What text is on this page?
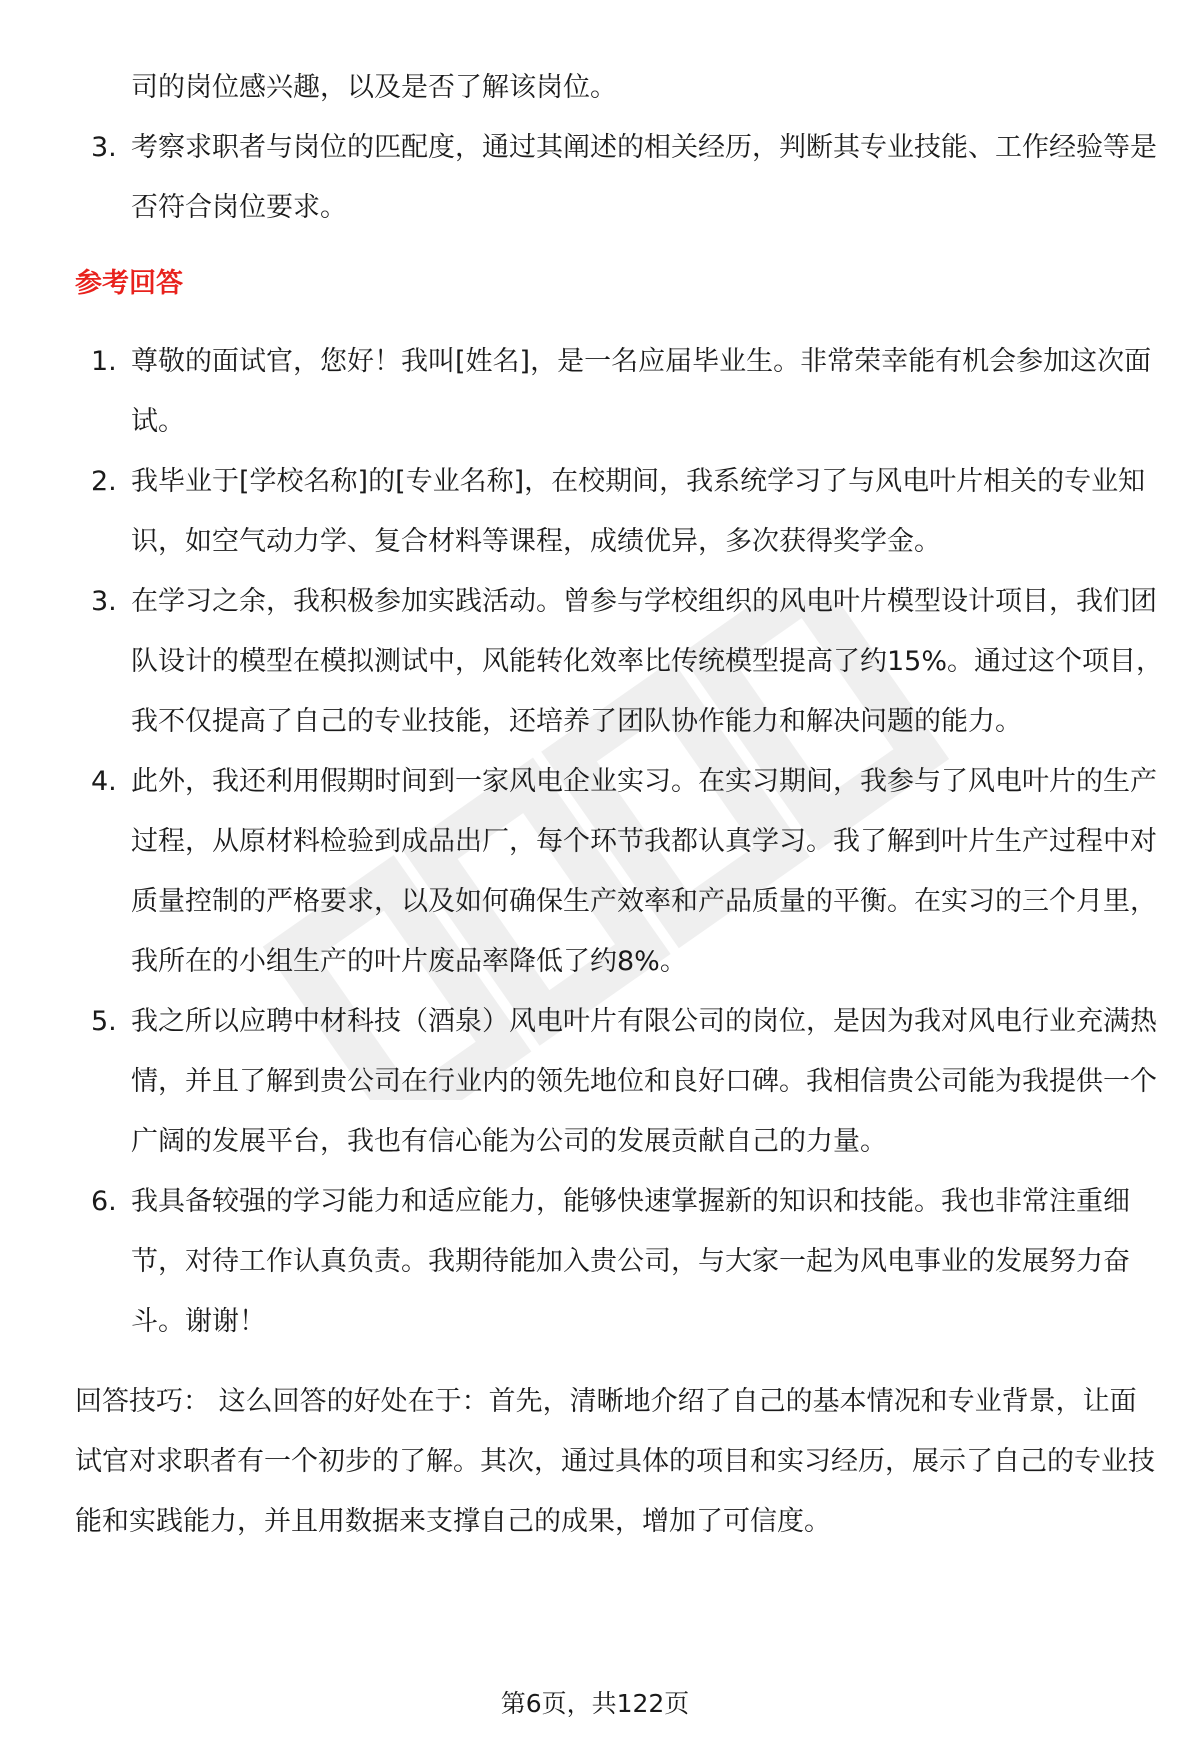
司的岗位感兴趣，以及是否了解该岗位。

3. 考察求职者与岗位的匹配度，通过其阐述的相关经历，判断其专业技能、工作经验等是否符合岗位要求。
参考回答
1. 尊敬的面试官，您好！我叫[姓名]，是一名应届毕业生。非常荣幸能有机会参加这次面试。
2. 我毕业于[学校名称]的[专业名称]，在校期间，我系统学习了与风电叶片相关的专业知识，如空气动力学、复合材料等课程，成绩优异，多次获得奖学金。
3. 在学习之余，我积极参加实践活动。曾参与学校组织的风电叶片模型设计项目，我们团队设计的模型在模拟测试中，风能转化效率比传统模型提高了约15%。通过这个项目，我不仅提高了自己的专业技能，还培养了团队协作能力和解决问题的能力。
4. 此外，我还利用假期时间到一家风电企业实习。在实习期间，我参与了风电叶片的生产过程，从原材料检验到成品出厂，每个环节我都认真学习。我了解到叶片生产过程中对质量控制的严格要求，以及如何确保生产效率和产品质量的平衡。在实习的三个月里，我所在的小组生产的叶片废品率降低了约8%。
5. 我之所以应聘中材科技（酒泉）风电叶片有限公司的岗位，是因为我对风电行业充满热情，并且了解到贵公司在行业内的领先地位和良好口碑。我相信贵公司能为我提供一个广阔的发展平台，我也有信心能为公司的发展贡献自己的力量。
6. 我具备较强的学习能力和适应能力，能够快速掌握新的知识和技能。我也非常注重细节，对待工作认真负责。我期待能加入贵公司，与大家一起为风电事业的发展努力奋斗。谢谢！

回答技巧： 这么回答的好处在于：首先，清晰地介绍了自己的基本情况和专业背景，让面试官对求职者有一个初步的了解。其次，通过具体的项目和实习经历，展示了自己的专业技能和实践能力，并且用数据来支撑自己的成果，增加了可信度。

第6页，共122页
